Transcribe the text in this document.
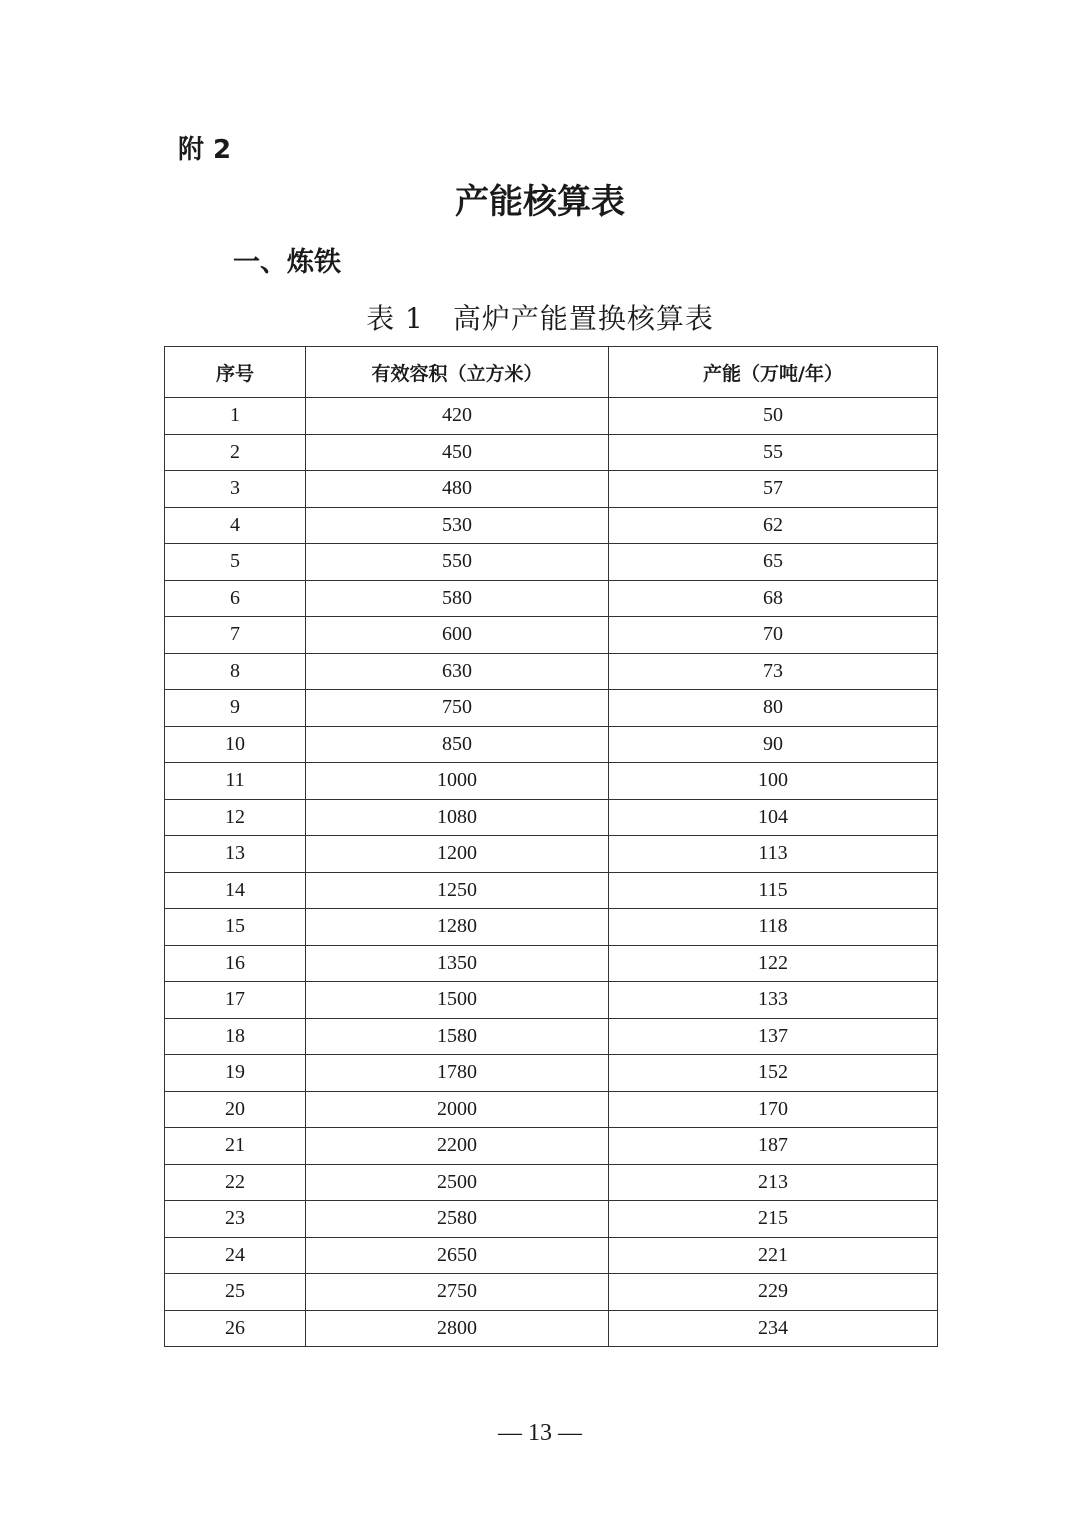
附 2
产能核算表
一、炼铁
表 1　高炉产能置换核算表
序号	有效容积（立方米）	产能（万吨/年）
1	420	50
2	450	55
3	480	57
4	530	62
5	550	65
6	580	68
7	600	70
8	630	73
9	750	80
10	850	90
11	1000	100
12	1080	104
13	1200	113
14	1250	115
15	1280	118
16	1350	122
17	1500	133
18	1580	137
19	1780	152
20	2000	170
21	2200	187
22	2500	213
23	2580	215
24	2650	221
25	2750	229
26	2800	234
— 13 —
